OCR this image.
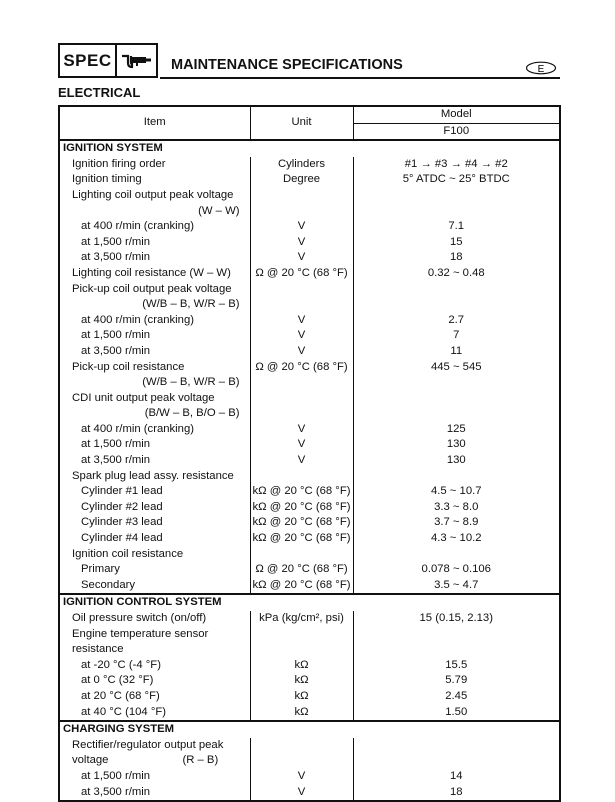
SPEC	MAINTENANCE SPECIFICATIONS	E
ELECTRICAL
Item	Unit	Model
		F100
IGNITION SYSTEM		
Ignition firing order	Cylinders	#1 → #3 → #4 → #2
Ignition timing	Degree	5° ATDC ~ 25° BTDC
Lighting coil output peak voltage
(W – W)		

at 400 r/min (cranking)	V	7.1
at 1,500 r/min	V	15
at 3,500 r/min	V	18
Lighting coil resistance (W – W)	Ω @ 20 °C (68 °F)	0.32 ~ 0.48
Pick-up coil output peak voltage
(W/B – B, W/R – B)		

at 400 r/min (cranking)	V	2.7
at 1,500 r/min	V	7
at 3,500 r/min	V	11
Pick-up coil resistance
(W/B – B, W/R – B)	Ω @ 20 °C (68 °F)	445 ~ 545
CDI unit output peak voltage
(B/W – B, B/O – B)		

at 400 r/min (cranking)	V	125
at 1,500 r/min	V	130
at 3,500 r/min	V	130
Spark plug lead assy. resistance		
Cylinder #1 lead	kΩ @ 20 °C (68 °F)	4.5 ~ 10.7
Cylinder #2 lead	kΩ @ 20 °C (68 °F)	3.3 ~ 8.0
Cylinder #3 lead	kΩ @ 20 °C (68 °F)	3.7 ~ 8.9
Cylinder #4 lead	kΩ @ 20 °C (68 °F)	4.3 ~ 10.2
Ignition coil resistance		
Primary	Ω @ 20 °C (68 °F)	0.078 ~ 0.106
Secondary	kΩ @ 20 °C (68 °F)	3.5 ~ 4.7
IGNITION CONTROL SYSTEM		
Oil pressure switch (on/off)	kPa (kg/cm², psi)	15 (0.15, 2.13)
Engine temperature sensor		
resistance		
at -20 °C (-4 °F)	kΩ	15.5
at 0 °C (32 °F)	kΩ	5.79
at 20 °C (68 °F)	kΩ	2.45
at 40 °C (104 °F)	kΩ	1.50
CHARGING SYSTEM		
Rectifier/regulator output peak		
voltage (R – B)		
at 1,500 r/min	V	14
at 3,500 r/min	V	18
